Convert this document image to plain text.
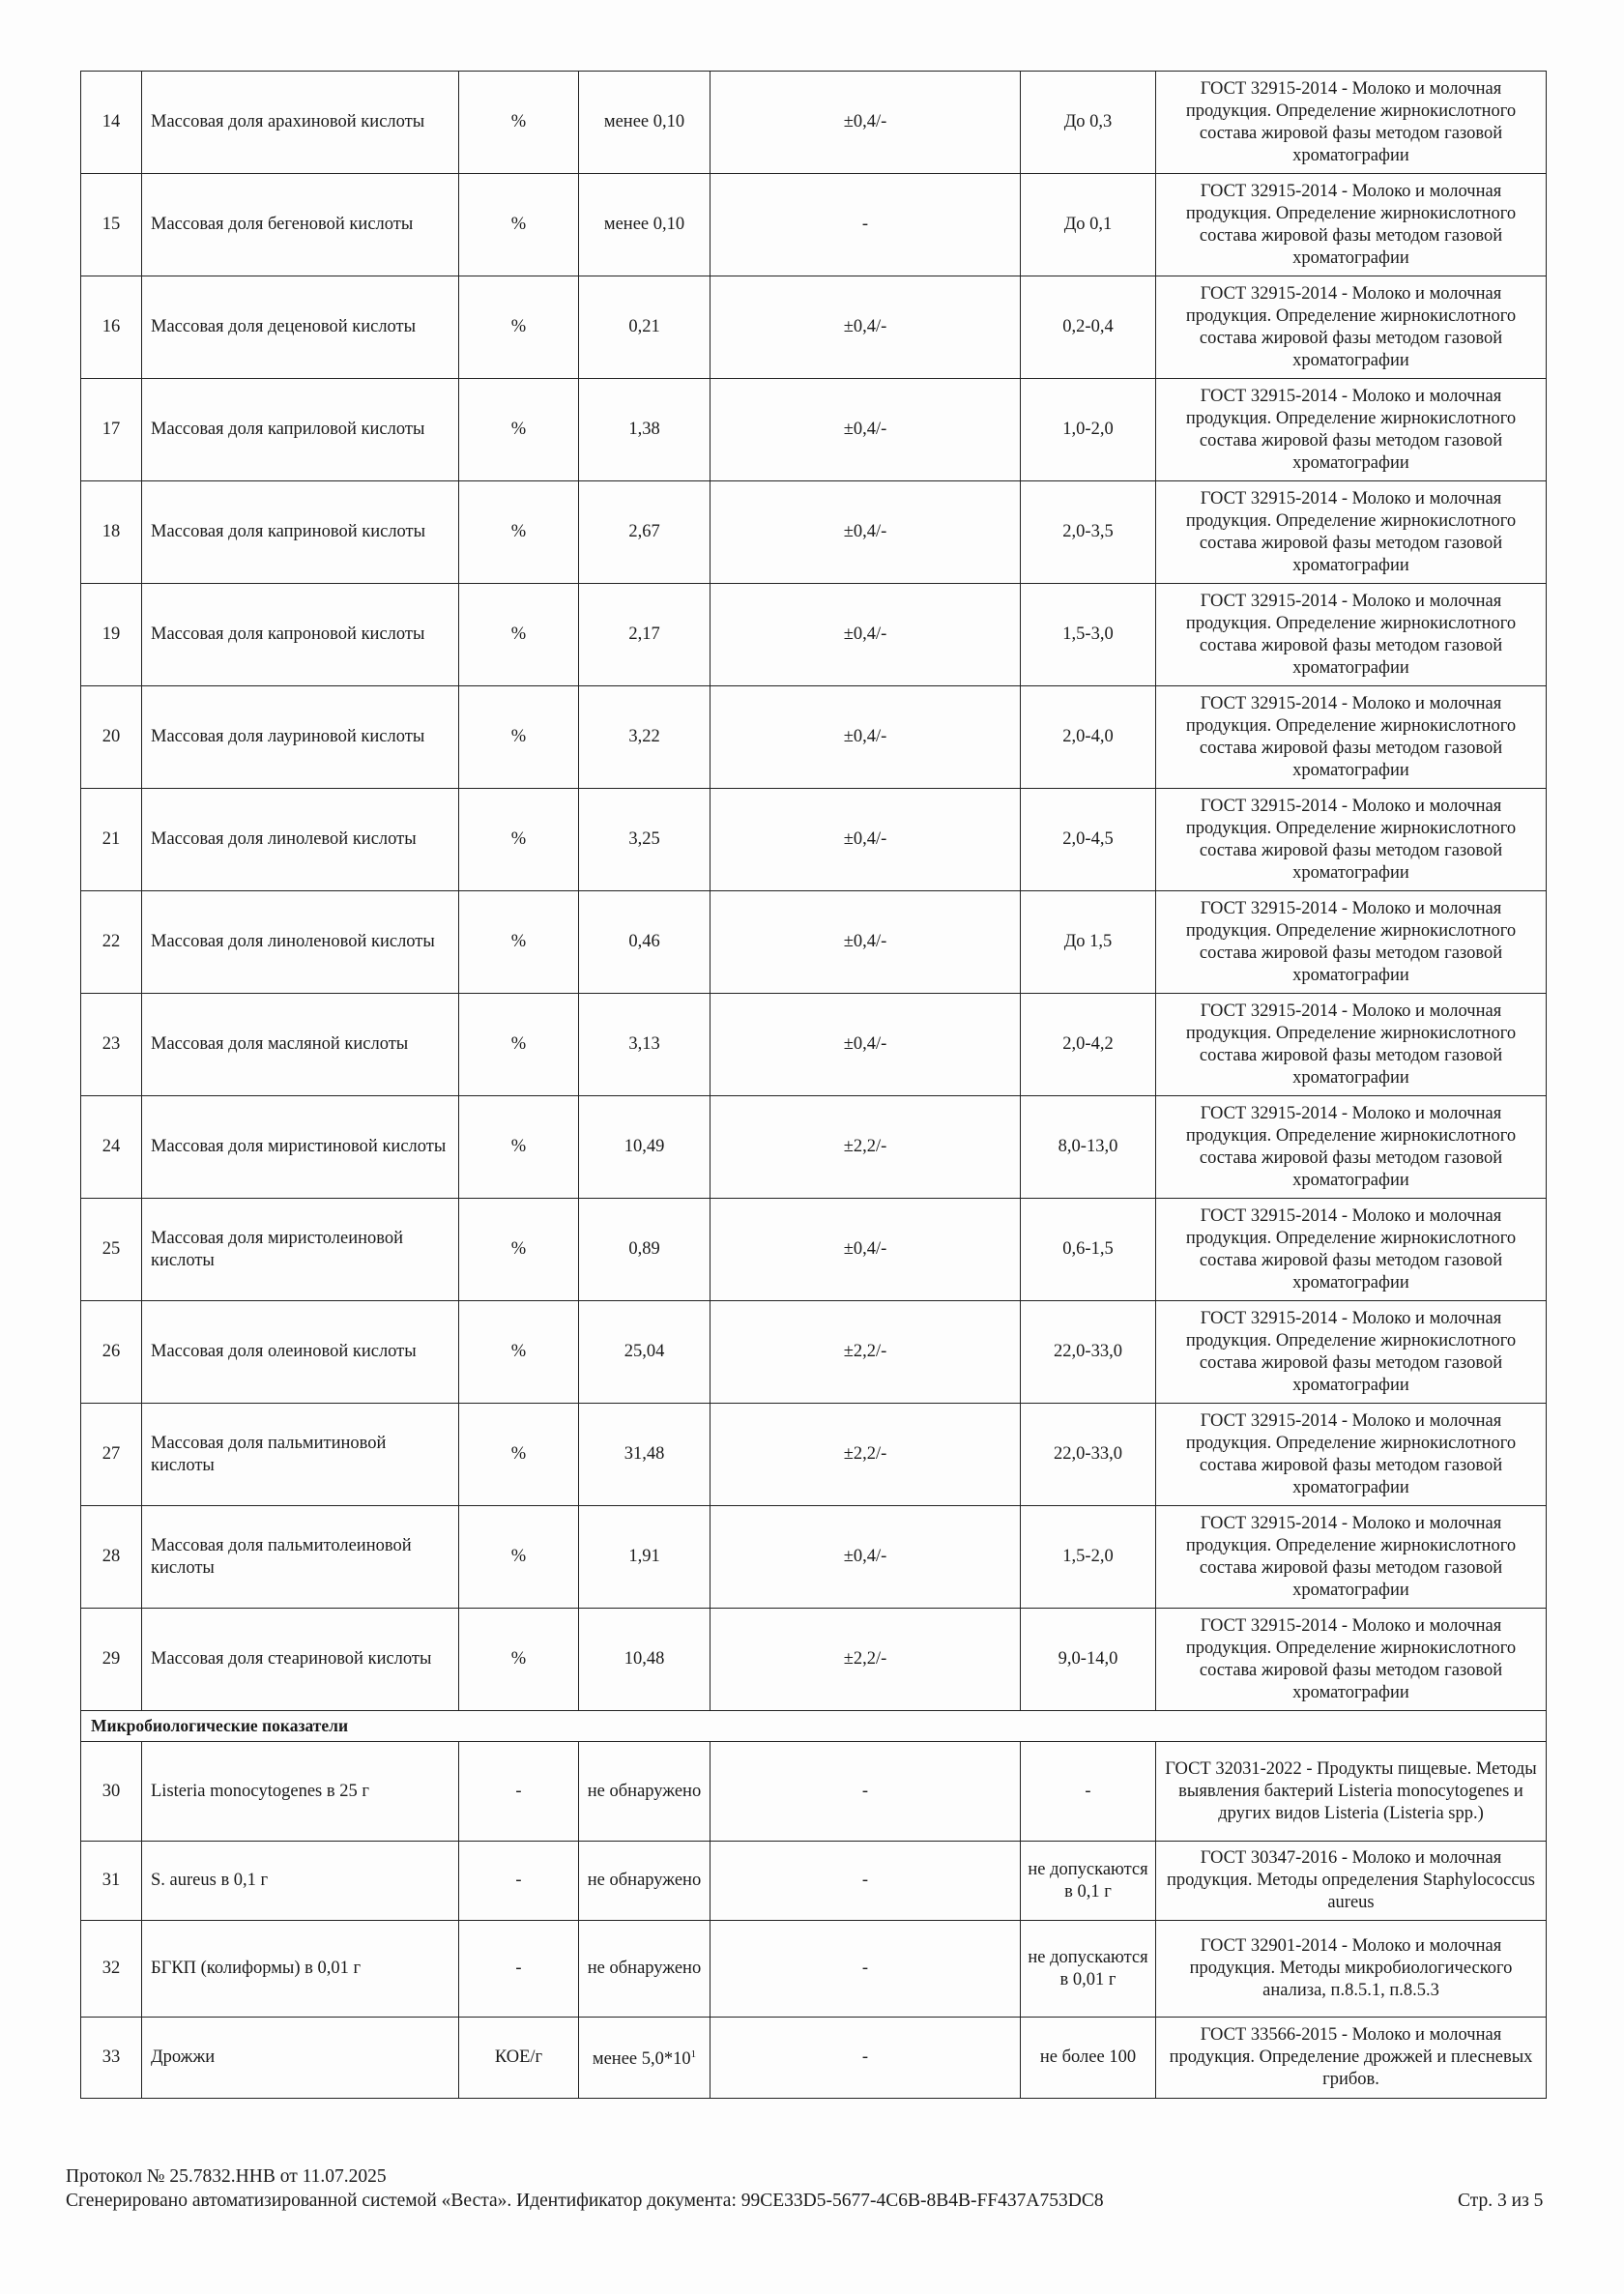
14	Массовая доля арахиновой кислоты	%	менее 0,10	±0,4/-	До 0,3	ГОСТ 32915-2014 - Молоко и молочная продукция. Определение жирнокислотного состава жировой фазы методом газовой хроматографии
15	Массовая доля бегеновой кислоты	%	менее 0,10	-	До 0,1	ГОСТ 32915-2014 - Молоко и молочная продукция. Определение жирнокислотного состава жировой фазы методом газовой хроматографии
16	Массовая доля деценовой кислоты	%	0,21	±0,4/-	0,2-0,4	ГОСТ 32915-2014 - Молоко и молочная продукция. Определение жирнокислотного состава жировой фазы методом газовой хроматографии
17	Массовая доля каприловой кислоты	%	1,38	±0,4/-	1,0-2,0	ГОСТ 32915-2014 - Молоко и молочная продукция. Определение жирнокислотного состава жировой фазы методом газовой хроматографии
18	Массовая доля каприновой кислоты	%	2,67	±0,4/-	2,0-3,5	ГОСТ 32915-2014 - Молоко и молочная продукция. Определение жирнокислотного состава жировой фазы методом газовой хроматографии
19	Массовая доля капроновой кислоты	%	2,17	±0,4/-	1,5-3,0	ГОСТ 32915-2014 - Молоко и молочная продукция. Определение жирнокислотного состава жировой фазы методом газовой хроматографии
20	Массовая доля лауриновой кислоты	%	3,22	±0,4/-	2,0-4,0	ГОСТ 32915-2014 - Молоко и молочная продукция. Определение жирнокислотного состава жировой фазы методом газовой хроматографии
21	Массовая доля линолевой кислоты	%	3,25	±0,4/-	2,0-4,5	ГОСТ 32915-2014 - Молоко и молочная продукция. Определение жирнокислотного состава жировой фазы методом газовой хроматографии
22	Массовая доля линоленовой кислоты	%	0,46	±0,4/-	До 1,5	ГОСТ 32915-2014 - Молоко и молочная продукция. Определение жирнокислотного состава жировой фазы методом газовой хроматографии
23	Массовая доля масляной кислоты	%	3,13	±0,4/-	2,0-4,2	ГОСТ 32915-2014 - Молоко и молочная продукция. Определение жирнокислотного состава жировой фазы методом газовой хроматографии
24	Массовая доля миристиновой кислоты	%	10,49	±2,2/-	8,0-13,0	ГОСТ 32915-2014 - Молоко и молочная продукция. Определение жирнокислотного состава жировой фазы методом газовой хроматографии
25	Массовая доля миристолеиновой кислоты	%	0,89	±0,4/-	0,6-1,5	ГОСТ 32915-2014 - Молоко и молочная продукция. Определение жирнокислотного состава жировой фазы методом газовой хроматографии
26	Массовая доля олеиновой кислоты	%	25,04	±2,2/-	22,0-33,0	ГОСТ 32915-2014 - Молоко и молочная продукция. Определение жирнокислотного состава жировой фазы методом газовой хроматографии
27	Массовая доля пальмитиновой кислоты	%	31,48	±2,2/-	22,0-33,0	ГОСТ 32915-2014 - Молоко и молочная продукция. Определение жирнокислотного состава жировой фазы методом газовой хроматографии
28	Массовая доля пальмитолеиновой кислоты	%	1,91	±0,4/-	1,5-2,0	ГОСТ 32915-2014 - Молоко и молочная продукция. Определение жирнокислотного состава жировой фазы методом газовой хроматографии
29	Массовая доля стеариновой кислоты	%	10,48	±2,2/-	9,0-14,0	ГОСТ 32915-2014 - Молоко и молочная продукция. Определение жирнокислотного состава жировой фазы методом газовой хроматографии
Микробиологические показатели						
30	Listeria monocytogenes в 25 г	-	не обнаружено	-	-	ГОСТ 32031-2022 - Продукты пищевые. Методы выявления бактерий Listeria monocytogenes и других видов Listeria (Listeria spp.)
31	S. aureus в 0,1 г	-	не обнаружено	-	не допускаются в 0,1 г	ГОСТ 30347-2016 - Молоко и молочная продукция. Методы определения Staphylococcus aureus
32	БГКП (колиформы) в 0,01 г	-	не обнаружено	-	не допускаются в 0,01 г	ГОСТ 32901-2014 - Молоко и молочная продукция. Методы микробиологического анализа, п.8.5.1, п.8.5.3
33	Дрожжи	КОЕ/г	менее $5,0*10^1$	-	не более 100	ГОСТ 33566-2015 - Молоко и молочная продукция. Определение дрожжей и плесневых грибов.
Протокол № 25.7832.ННВ от 11.07.2025
Сгенерировано автоматизированной системой «Веста». Идентификатор документа: 99CE33D5-5677-4C6B-8B4B-FF437A753DC8	Стр. 3 из 5
